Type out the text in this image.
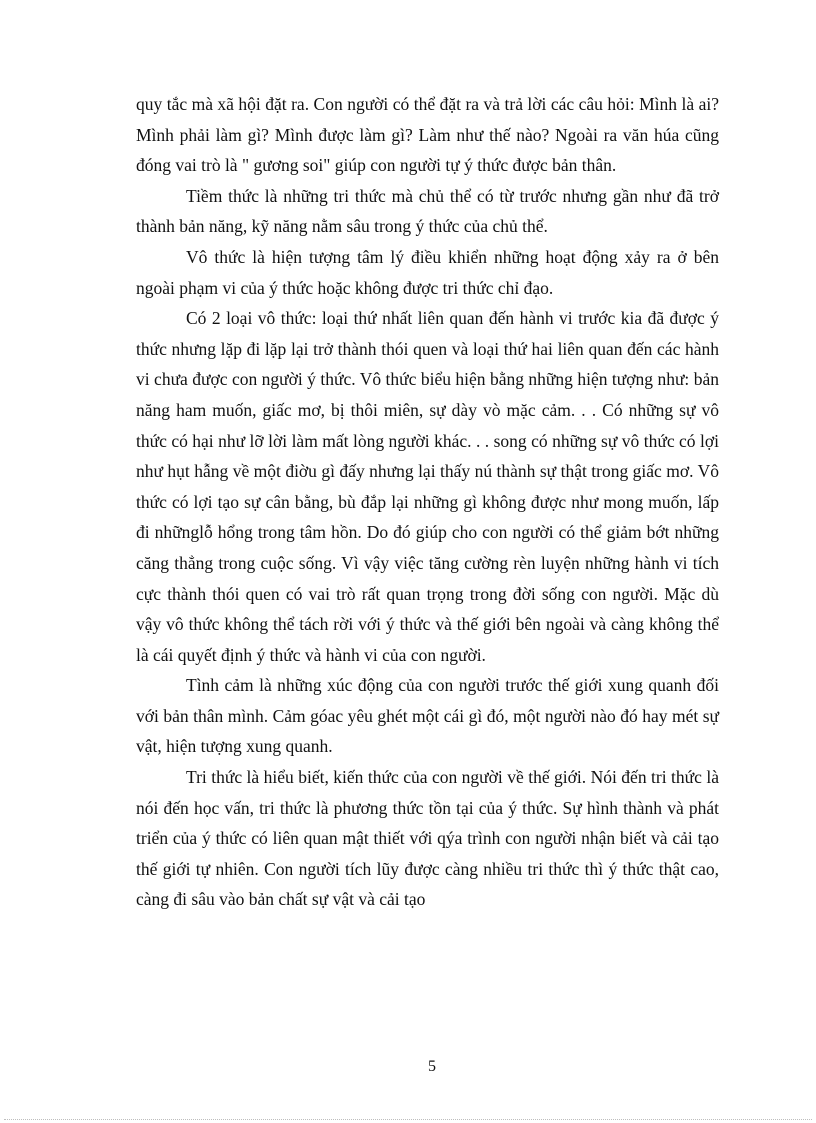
quy tắc mà xã hội đặt ra. Con người có thể đặt ra và trả lời các câu hỏi: Mình là ai? Mình phải làm gì? Mình được làm gì? Làm như thế nào? Ngoài ra văn húa cũng đóng vai trò là " gương soi" giúp con người tự ý thức được bản thân.

Tiềm thức là những tri thức mà chủ thể có từ trước nhưng gần như đã trở thành bản năng, kỹ năng nằm sâu trong ý thức của chủ thể.

Vô thức là hiện tượng tâm lý điều khiển những hoạt động xảy ra ở bên ngoài phạm vi của ý thức hoặc không được tri thức chỉ đạo.

Có 2 loại vô thức: loại thứ nhất liên quan đến hành vi trước kia đã được ý thức nhưng lặp đi lặp lại trở thành thói quen và loại thứ hai liên quan đến các hành vi chưa được con người ý thức. Vô thức biểu hiện bằng những hiện tượng như: bản năng ham muốn, giấc mơ, bị thôi miên, sự dày vò mặc cảm. . . Có những sự vô thức có hại như lỡ lời làm mất lòng người khác. . . song có những sự vô thức có lợi như hụt hẫng về một điờu gì đấy nhưng lại thấy nú thành sự thật trong giấc mơ. Vô thức có lợi tạo sự cân bằng, bù đắp lại những gì không được như mong muốn, lấp đi nhữnglỗ hổng trong tâm hồn. Do đó giúp cho con người có thể giảm bớt những căng thẳng trong cuộc sống. Vì vậy việc tăng cường rèn luyện những hành vi tích cực thành thói quen có vai trò rất quan trọng trong đời sống con người. Mặc dù vậy vô thức không thể tách rời với ý thức và thế giới bên ngoài và càng không thể là cái quyết định ý thức và hành vi của con người.

Tình cảm là những xúc động của con người trước thế giới xung quanh đối với bản thân mình. Cảm góac yêu ghét một cái gì đó, một người nào đó hay mét sự vật, hiện tượng xung quanh.

Tri thức là hiểu biết, kiến thức của con người về thế giới. Nói đến tri thức là nói đến học vấn, tri thức là phương thức tồn tại của ý thức. Sự hình thành và phát triển của ý thức có liên quan mật thiết với qýa trình con người nhận biết và cải tạo thế giới tự nhiên. Con người tích lũy được càng nhiều tri thức thì ý thức thật cao, càng đi sâu vào bản chất sự vật và cải tạo

5
